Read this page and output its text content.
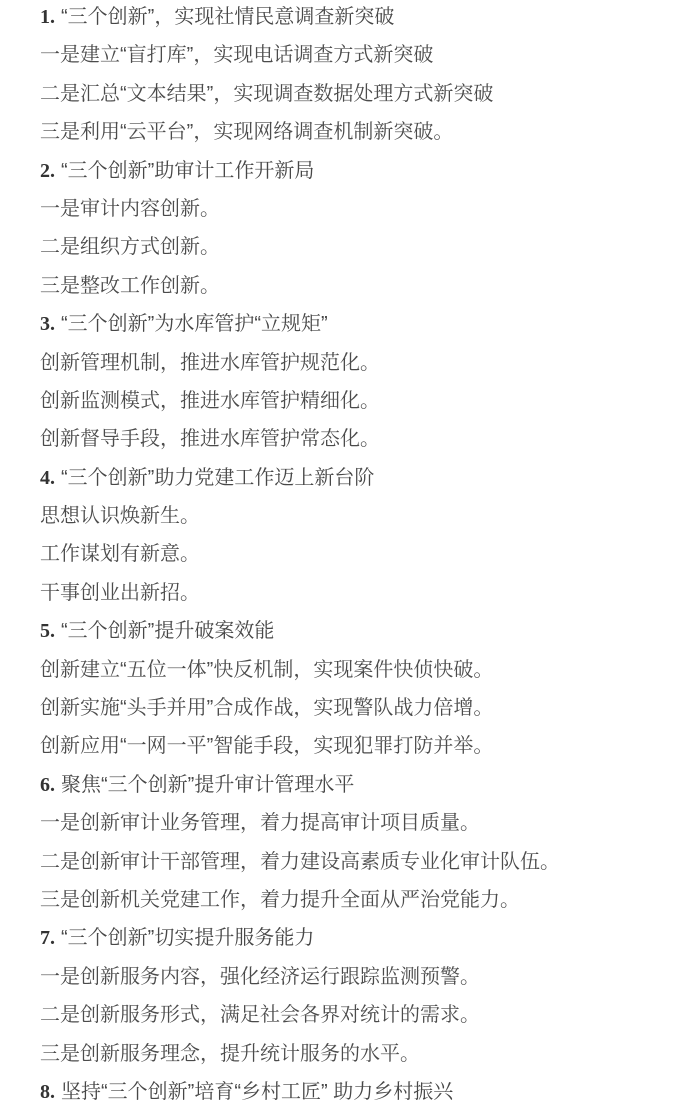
1. “三个创新”，实现社情民意调查新突破

一是建立“盲打库”，实现电话调查方式新突破

二是汇总“文本结果”，实现调查数据处理方式新突破

三是利用“云平台”，实现网络调查机制新突破。

2. “三个创新”助审计工作开新局

一是审计内容创新。

二是组织方式创新。

三是整改工作创新。

3. “三个创新”为水库管护“立规矩”

创新管理机制，推进水库管护规范化。

创新监测模式，推进水库管护精细化。

创新督导手段，推进水库管护常态化。

4. “三个创新”助力党建工作迈上新台阶

思想认识焕新生。

工作谋划有新意。

干事创业出新招。

5. “三个创新”提升破案效能

创新建立“五位一体”快反机制，实现案件快侦快破。

创新实施“头手并用”合成作战，实现警队战力倍增。

创新应用“一网一平”智能手段，实现犯罪打防并举。

6. 聚焦“三个创新”提升审计管理水平

一是创新审计业务管理，着力提高审计项目质量。

二是创新审计干部管理，着力建设高素质专业化审计队伍。

三是创新机关党建工作，着力提升全面从严治党能力。

7. “三个创新”切实提升服务能力

一是创新服务内容，强化经济运行跟踪监测预警。

二是创新服务形式，满足社会各界对统计的需求。

三是创新服务理念，提升统计服务的水平。

8. 坚持“三个创新”培育“乡村工匠” 助力乡村振兴
